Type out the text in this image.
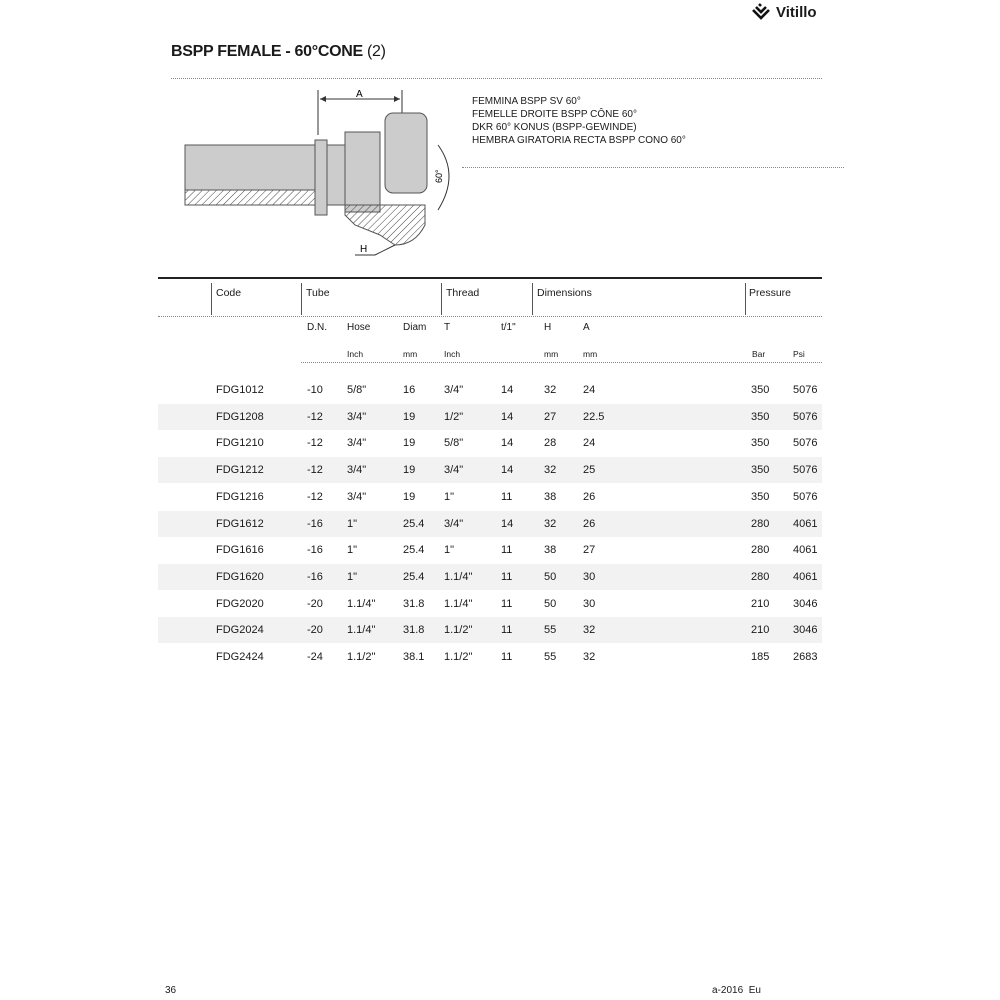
Vitillo
BSPP FEMALE - 60°CONE (2)
A
60°
H
FEMMINA BSPP SV 60°
FEMELLE DROITE BSPP CÔNE 60°
DKR 60° KONUS (BSPP-GEWINDE)
HEMBRA GIRATORIA RECTA BSPP CONO 60°
Code	Tube	Thread	Dimensions	Pressure
D.N. Hose	Diam T	t/1"	H	A
Inch	mm	Inch	mm	mm	Bar	Psi
FDG1012	-10 5/8"	16	3/4"	14	32 24	350 5076
FDG1208	-12 3/4"	19	1/2"	14	27 22.5	350 5076
FDG1210	-12 3/4"	19	5/8"	14	28 24	350 5076
FDG1212	-12 3/4"	19	3/4"	14	32 25	350 5076
FDG1216	-12 3/4"	19	1"	11	38 26	350 5076
FDG1612	-16 1"	25.4 3/4"	14	32 26	280 4061
FDG1616	-16 1"	25.4 1"	11	38 27	280 4061
FDG1620	-16 1"	25.4 1.1/4"	11	50 30	280 4061
FDG2020	-20 1.1/4"	31.8 1.1/4"	11	50 30	210 3046
FDG2024	-20 1.1/4"	31.8 1.1/2"	11	55 32	210 3046
FDG2424	-24 1.1/2"	38.1 1.1/2"	11	55 32	185 2683
36	a-2016  Eu
